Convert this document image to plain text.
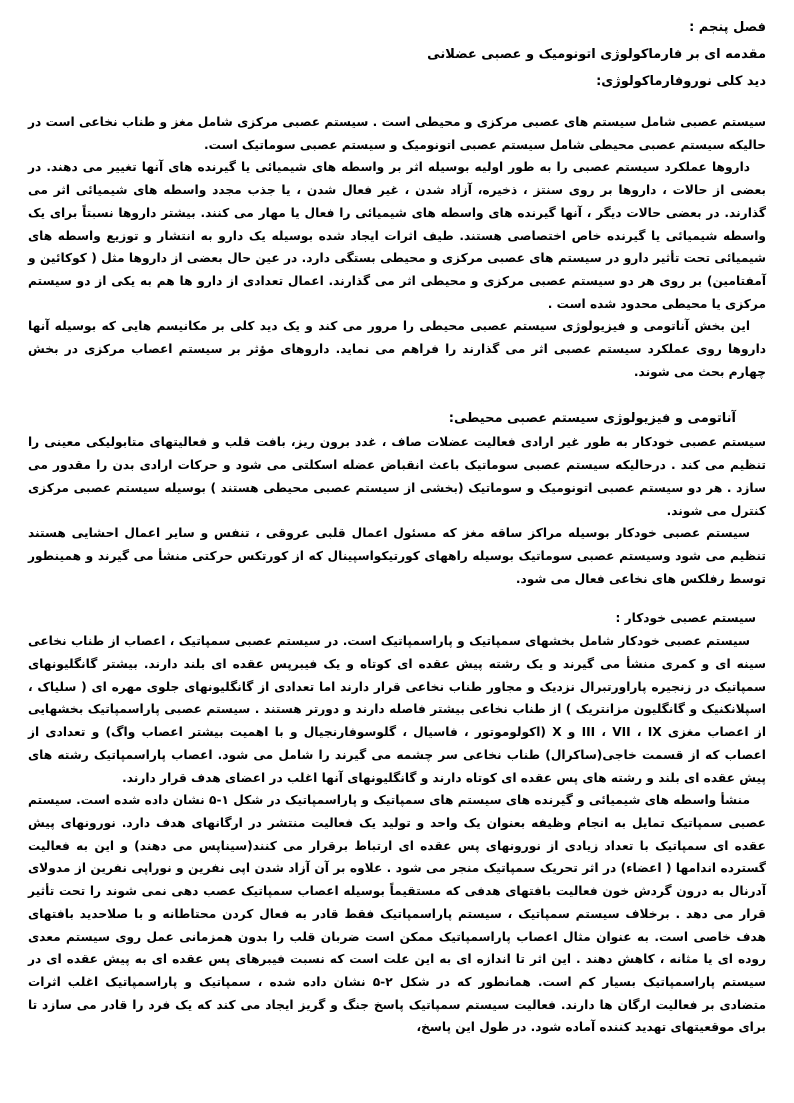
فصل پنجم :
مقدمه ای بر فارماکولوژی اتونومیک و عصبی عضلانی
دید کلی نوروفارماکولوژی:

سیستم عصبی شامل سیستم های عصبی مرکزی و محیطی است . سیستم عصبی مرکزی شامل مغز و طناب نخاعی است در حالیکه سیستم عصبی محیطی شامل سیستم عصبی اتونومیک و سیستم عصبی سوماتیک است.

داروها عملکرد سیستم عصبی را به طور اولیه بوسیله اثر بر واسطه های شیمیائی یا گیرنده های آنها تغییر می دهند. در بعضی از حالات ، داروها بر روی سنتز ، ذخیره، آزاد شدن ، غیر فعال شدن ، یا جذب مجدد واسطه های شیمیائی اثر می گذارند. در بعضی حالات دیگر ، آنها گیرنده های واسطه های شیمیائی را فعال یا مهار می کنند. بیشتر داروها نسبتاً برای یک واسطه شیمیائی یا گیرنده خاص اختصاصی هستند. طیف اثرات ایجاد شده بوسیله یک دارو به انتشار و توزیع واسطه های شیمیائی تحت تأثیر دارو در سیستم های عصبی مرکزی و محیطی بستگی دارد. در عین حال بعضی از داروها مثل ( کوکائین و آمفتامین) بر روی هر دو سیستم عصبی مرکزی و محیطی اثر می گذارند. اعمال تعدادی از دارو ها هم به یکی از دو سیستم مرکزی یا محیطی محدود شده است .

این بخش آناتومی و فیزیولوژی سیستم عصبی محیطی را مرور می کند و یک دید کلی بر مکانیسم هایی که بوسیله آنها داروها روی عملکرد سیستم عصبی اثر می گذارند را فراهم می نماید. داروهای مؤثر بر سیستم اعصاب مرکزی در بخش چهارم بحث می شوند.

آناتومی و فیزیولوژی سیستم عصبی محیطی:

سیستم عصبی خودکار به طور غیر ارادی فعالیت عضلات صاف ، غدد برون ریز، بافت قلب و فعالیتهای متابولیکی معینی را تنظیم می کند . درحالیکه سیستم عصبی سوماتیک باعث انقباض عضله اسکلتی می شود و حرکات ارادی بدن را مقدور می سازد . هر دو سیستم عصبی اتونومیک و سوماتیک (بخشی از سیستم عصبی محیطی هستند ) بوسیله سیستم عصبی مرکزی کنترل می شوند.

سیستم عصبی خودکار بوسیله مراکز ساقه مغز که مسئول اعمال قلبی عروقی ، تنفس و سایر اعمال احشایی هستند تنظیم می شود وسیستم عصبی سوماتیک بوسیله راههای کورتیکواسپینال که از کورتکس حرکتی منشأ می گیرند و همینطور توسط رفلکس های نخاعی فعال می شود.

سیستم عصبی خودکار :

سیستم عصبی خودکار شامل بخشهای سمپاتیک و پاراسمپاتیک است. در سیستم عصبی سمپاتیک ، اعصاب از طناب نخاعی سینه ای و کمری منشأ می گیرند و یک رشته پیش عقده ای کوتاه و یک فیبرپس عقده ای بلند دارند. بیشتر گانگلیونهای سمپاتیک در زنجیره پاراورتبرال نزدیک و مجاور طناب نخاعی قرار دارند اما تعدادی از گانگلیونهای جلوی مهره ای ( سلیاک ، اسپلانکنیک و گانگلیون مزانتریک ) از طناب نخاعی بیشتر فاصله دارند و دورتر هستند . سیستم عصبی پاراسمپاتیک بخشهایی از اعصاب مغزی III ، VII ، IX و X (اکولوموتور ، فاسیال ، گلوسوفارنجیال و با اهمیت بیشتر اعصاب واگ) و تعدادی از اعصاب که از قسمت خاجی(ساکرال) طناب نخاعی سر چشمه می گیرند را شامل می شود. اعصاب پاراسمپاتیک رشته های پیش عقده ای بلند و رشته های پس عقده ای کوتاه دارند و گانگلیونهای آنها اغلب در اعضای هدف قرار دارند.

منشأ واسطه های شیمیائی و گیرنده های سیستم های سمپاتیک و پاراسمپاتیک در شکل ۱-۵ نشان داده شده است. سیستم عصبی سمپاتیک تمایل به انجام وظیفه بعنوان یک واحد و تولید یک فعالیت منتشر در ارگانهای هدف دارد. نورونهای پیش عقده ای سمپاتیک با تعداد زیادی از نورونهای پس عقده ای ارتباط برقرار می کنند(سیناپس می دهند) و این به فعالیت گسترده اندامها ( اعضاء) در اثر تحریک سمپاتیک منجر می شود . علاوه بر آن آزاد شدن اپی نفرین و نوراپی نفرین از مدولای آدرنال به درون گردش خون فعالیت بافتهای هدفی که مستقیماً بوسیله اعصاب سمپاتیک عصب دهی نمی شوند را تحت تأثیر قرار می دهد . برخلاف سیستم سمپاتیک ، سیستم پاراسمپاتیک فقط قادر به فعال کردن محتاطانه و با صلاحدید بافتهای هدف خاصی است. به عنوان مثال اعصاب پاراسمپاتیک ممکن است ضربان قلب را بدون همزمانی عمل روی سیستم معدی روده ای یا مثانه ، کاهش دهند . این اثر تا اندازه ای به این علت است که نسبت فیبرهای پس عقده ای به پیش عقده ای در سیستم پاراسمپاتیک بسیار کم است. همانطور که در شکل ۲-۵ نشان داده شده ، سمپاتیک و پاراسمپاتیک اغلب اثرات متضادی بر فعالیت ارگان ها دارند. فعالیت سیستم سمپاتیک پاسخ جنگ و گریز ایجاد می کند که یک فرد را قادر می سازد تا برای موقعیتهای تهدید کننده آماده شود. در طول این پاسخ،
